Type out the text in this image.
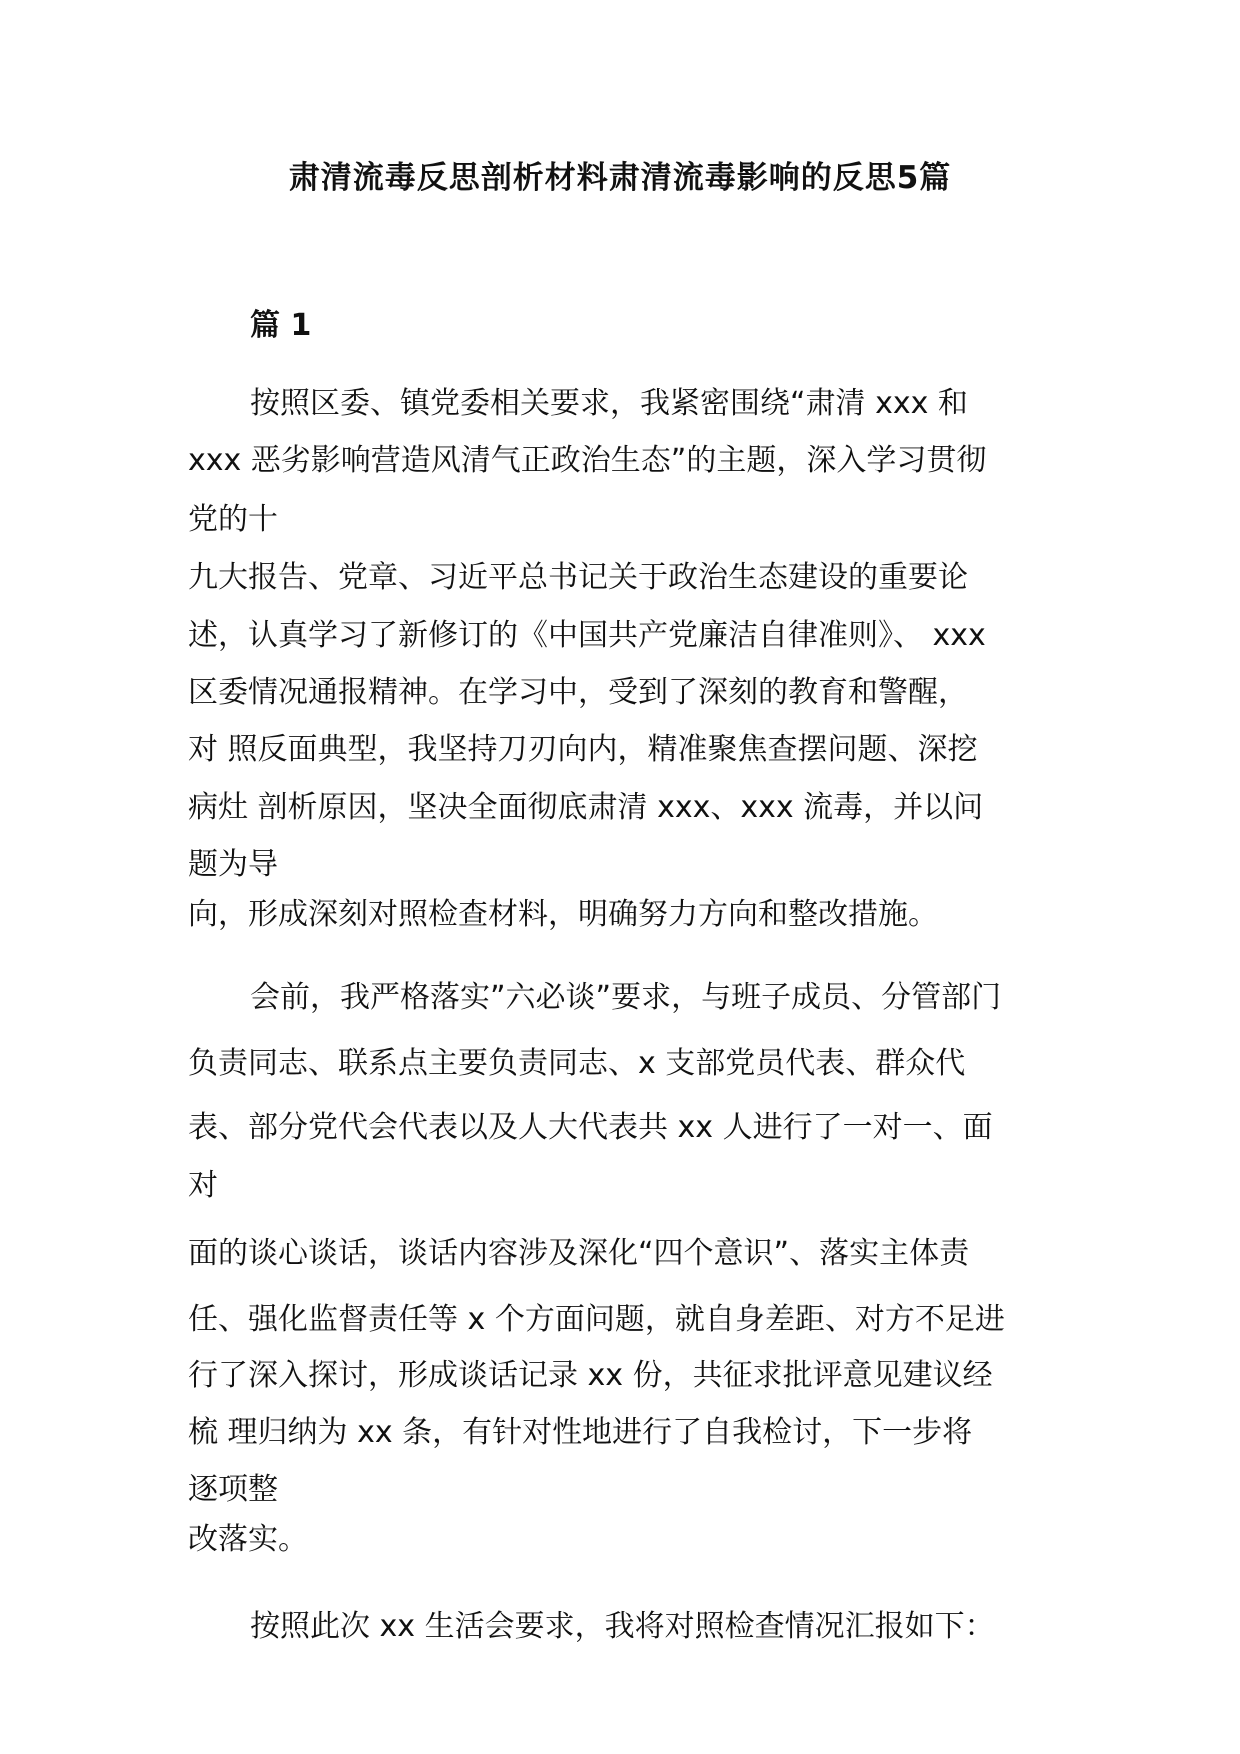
肃清流毒反思剖析材料肃清流毒影响的反思5篇
篇 1
按照区委、镇党委相关要求，我紧密围绕“肃清 xxx 和
xxx 恶劣影响营造风清气正政治生态”的主题，深入学习贯彻
党的十
九大报告、党章、习近平总书记关于政治生态建设的重要论
述，认真学习了新修订的《中国共产党廉洁自律准则》、 xxx
区委情况通报精神。在学习中，受到了深刻的教育和警醒，
对 照反面典型，我坚持刀刃向内，精准聚焦查摆问题、深挖
病灶 剖析原因，坚决全面彻底肃清 xxx、xxx 流毒，并以问
题为导
向，形成深刻对照检查材料，明确努力方向和整改措施。
会前，我严格落实”六必谈”要求，与班子成员、分管部门
负责同志、联系点主要负责同志、x 支部党员代表、群众代
表、部分党代会代表以及人大代表共 xx 人进行了一对一、面
对
面的谈心谈话，谈话内容涉及深化“四个意识”、落实主体责
任、强化监督责任等 x 个方面问题，就自身差距、对方不足进
行了深入探讨，形成谈话记录 xx 份，共征求批评意见建议经
梳 理归纳为 xx 条，有针对性地进行了自我检讨，下一步将
逐项整
改落实。
按照此次 xx 生活会要求，我将对照检查情况汇报如下：
